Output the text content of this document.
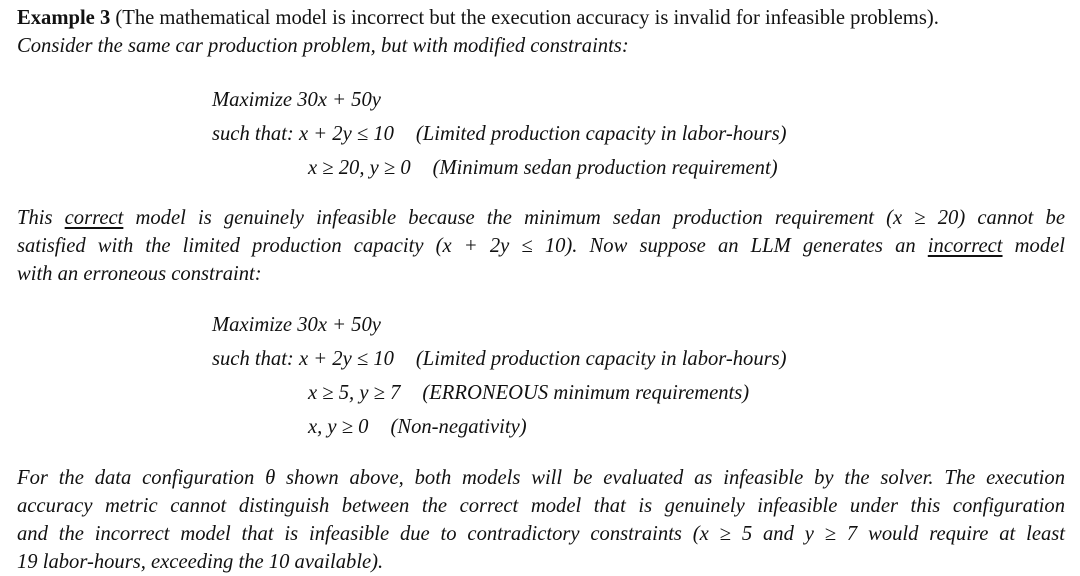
Example 3 (The mathematical model is incorrect but the execution accuracy is invalid for infeasible problems).
Consider the same car production problem, but with modified constraints:
Maximize 30x + 50y
such that: x + 2y ≤ 10 (Limited production capacity in labor-hours)
x ≥ 20, y ≥ 0 (Minimum sedan production requirement)
This correct model is genuinely infeasible because the minimum sedan production requirement (x ≥ 20) cannot be
satisfied with the limited production capacity (x + 2y ≤ 10). Now suppose an LLM generates an incorrect model
with an erroneous constraint:
Maximize 30x + 50y
such that: x + 2y ≤ 10 (Limited production capacity in labor-hours)
x ≥ 5, y ≥ 7 (ERRONEOUS minimum requirements)
x, y ≥ 0 (Non-negativity)
For the data configuration θ shown above, both models will be evaluated as infeasible by the solver. The execution
accuracy metric cannot distinguish between the correct model that is genuinely infeasible under this configuration
and the incorrect model that is infeasible due to contradictory constraints (x ≥ 5 and y ≥ 7 would require at least
19 labor-hours, exceeding the 10 available).
